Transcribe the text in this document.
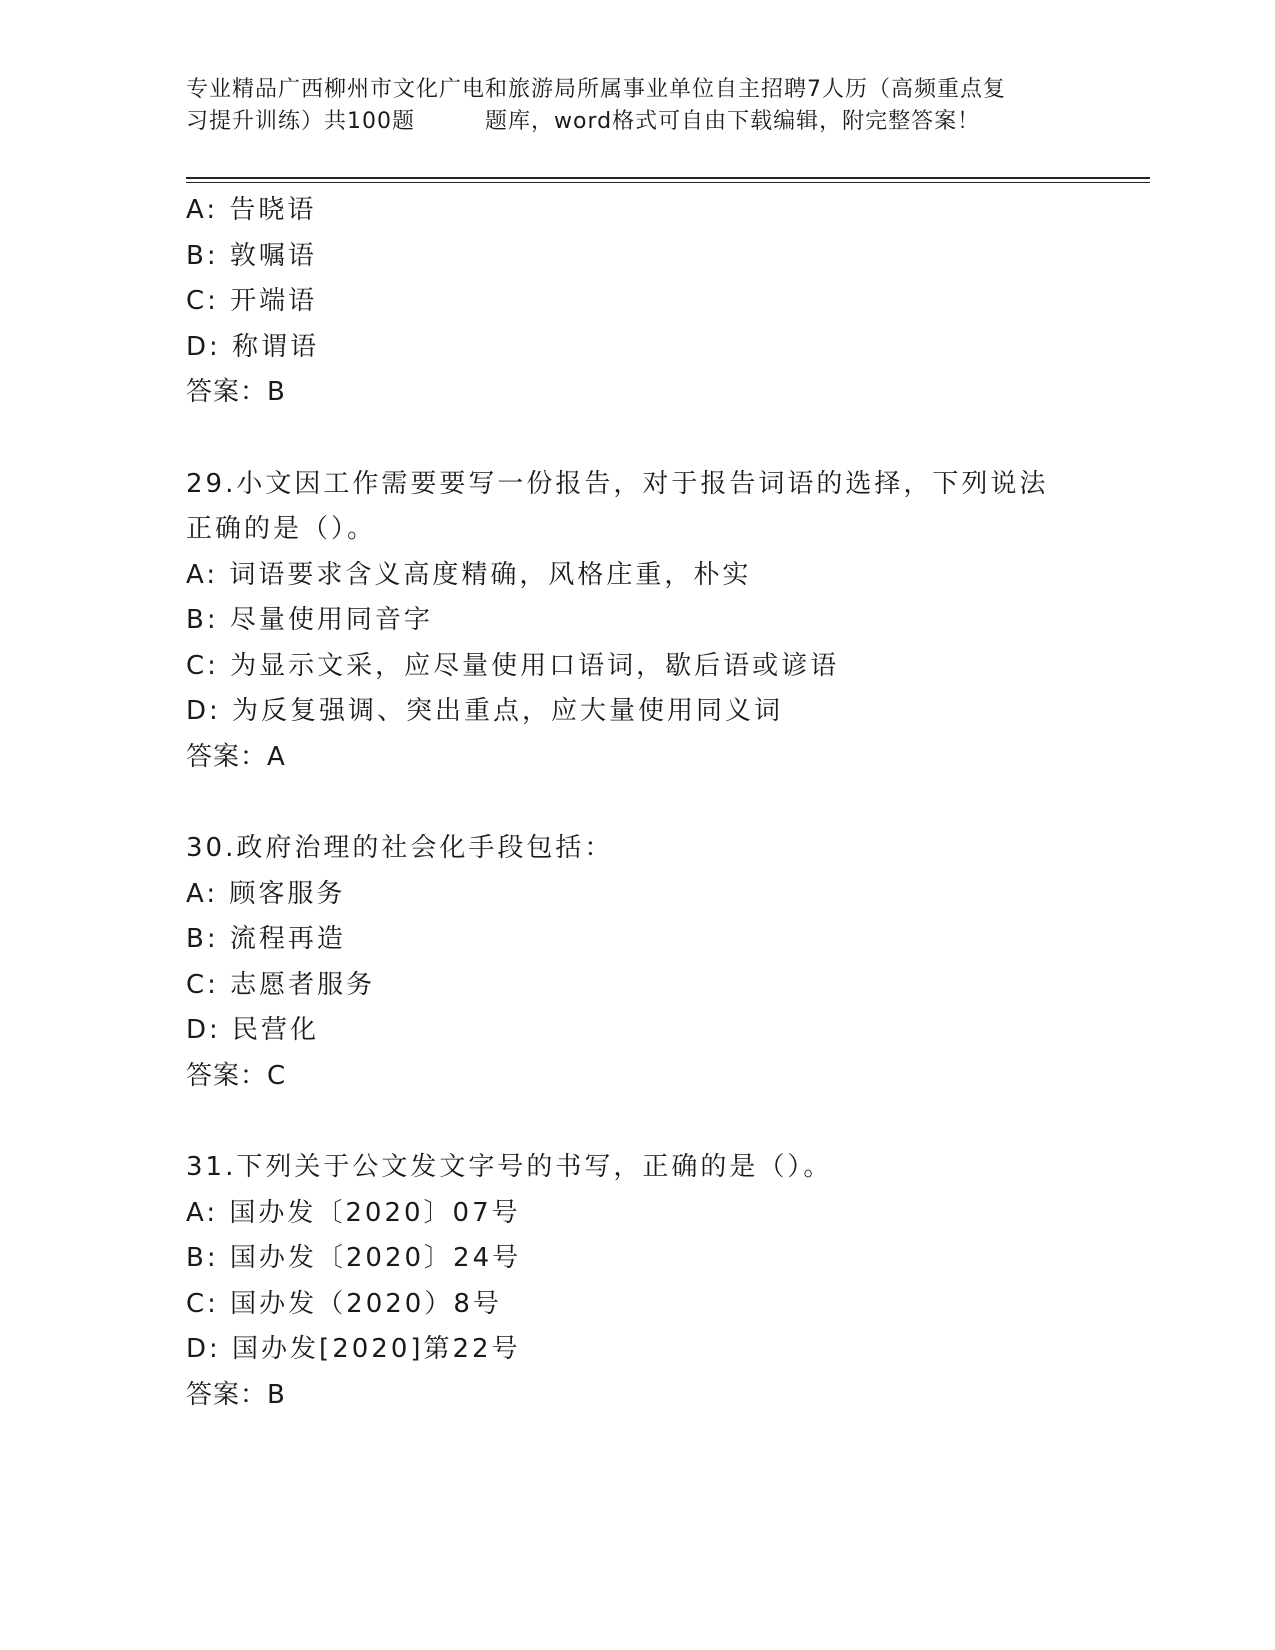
专业精品广西柳州市文化广电和旅游局所属事业单位自主招聘7人历（高频重点复
习提升训练）共100题	题库，word格式可自由下载编辑，附完整答案！
A: 告晓语
B: 敦嘱语
C: 开端语
D: 称谓语
答案：B
29.小文因工作需要要写一份报告，对于报告词语的选择，下列说法正确的是（）。
A: 词语要求含义高度精确，风格庄重，朴实
B: 尽量使用同音字
C: 为显示文采，应尽量使用口语词，歇后语或谚语
D: 为反复强调、突出重点，应大量使用同义词
答案：A
30.政府治理的社会化手段包括：
A: 顾客服务
B: 流程再造
C: 志愿者服务
D: 民营化
答案：C
31.下列关于公文发文字号的书写，正确的是（）。
A: 国办发〔2020〕07号
B: 国办发〔2020〕24号
C: 国办发（2020）8号
D: 国办发[2020]第22号
答案：B
